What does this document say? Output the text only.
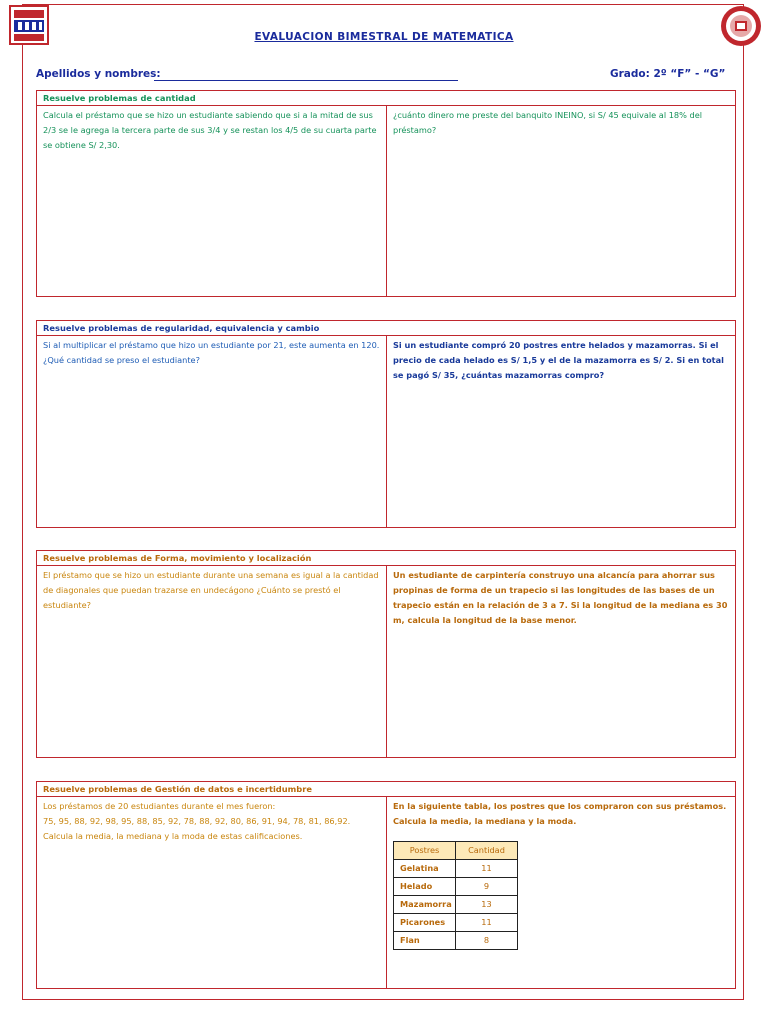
EVALUACION BIMESTRAL DE MATEMATICA
Apellidos y nombres:	Grado: 2º “F” - “G”
Resuelve problemas de cantidad
Calcula el préstamo que se hizo un estudiante sabiendo que si a la mitad de sus 2/3 se le agrega la tercera parte de sus 3/4 y se restan los 4/5 de su cuarta parte se obtiene S/ 2,30.
¿cuánto dinero me preste del banquito INEINO, si S/ 45 equivale al 18% del préstamo?
Resuelve problemas de regularidad, equivalencia y cambio
Si al multiplicar el préstamo que hizo un estudiante por 21, este aumenta en 120. ¿Qué cantidad se preso el estudiante?
Si un estudiante compró 20 postres entre helados y mazamorras. Si el precio de cada helado es S/ 1,5 y el de la mazamorra es S/ 2. Si en total se pagó S/ 35, ¿cuántas mazamorras compro?
Resuelve problemas de Forma, movimiento y localización
El préstamo que se hizo un estudiante durante una semana es igual a la cantidad de diagonales que puedan trazarse en undecágono ¿Cuánto se prestó el estudiante?
Un estudiante de carpintería construyo una alcancía para ahorrar sus propinas de forma de un trapecio si las longitudes de las bases de un trapecio están en la relación de 3 a 7. Si la longitud de la mediana es 30 m, calcula la longitud de la base menor.
Resuelve problemas de Gestión de datos e incertidumbre
Los préstamos de 20 estudiantes durante el mes fueron:
75, 95, 88, 92, 98, 95, 88, 85, 92, 78, 88, 92, 80, 86, 91, 94, 78, 81, 86,92.
Calcula la media, la mediana y la moda de estas calificaciones.
En la siguiente tabla, los postres que los compraron con sus préstamos. Calcula la media, la mediana y la moda.
Postres	Cantidad
Gelatina	11
Helado	9
Mazamorra	13
Picarones	11
Flan	8
